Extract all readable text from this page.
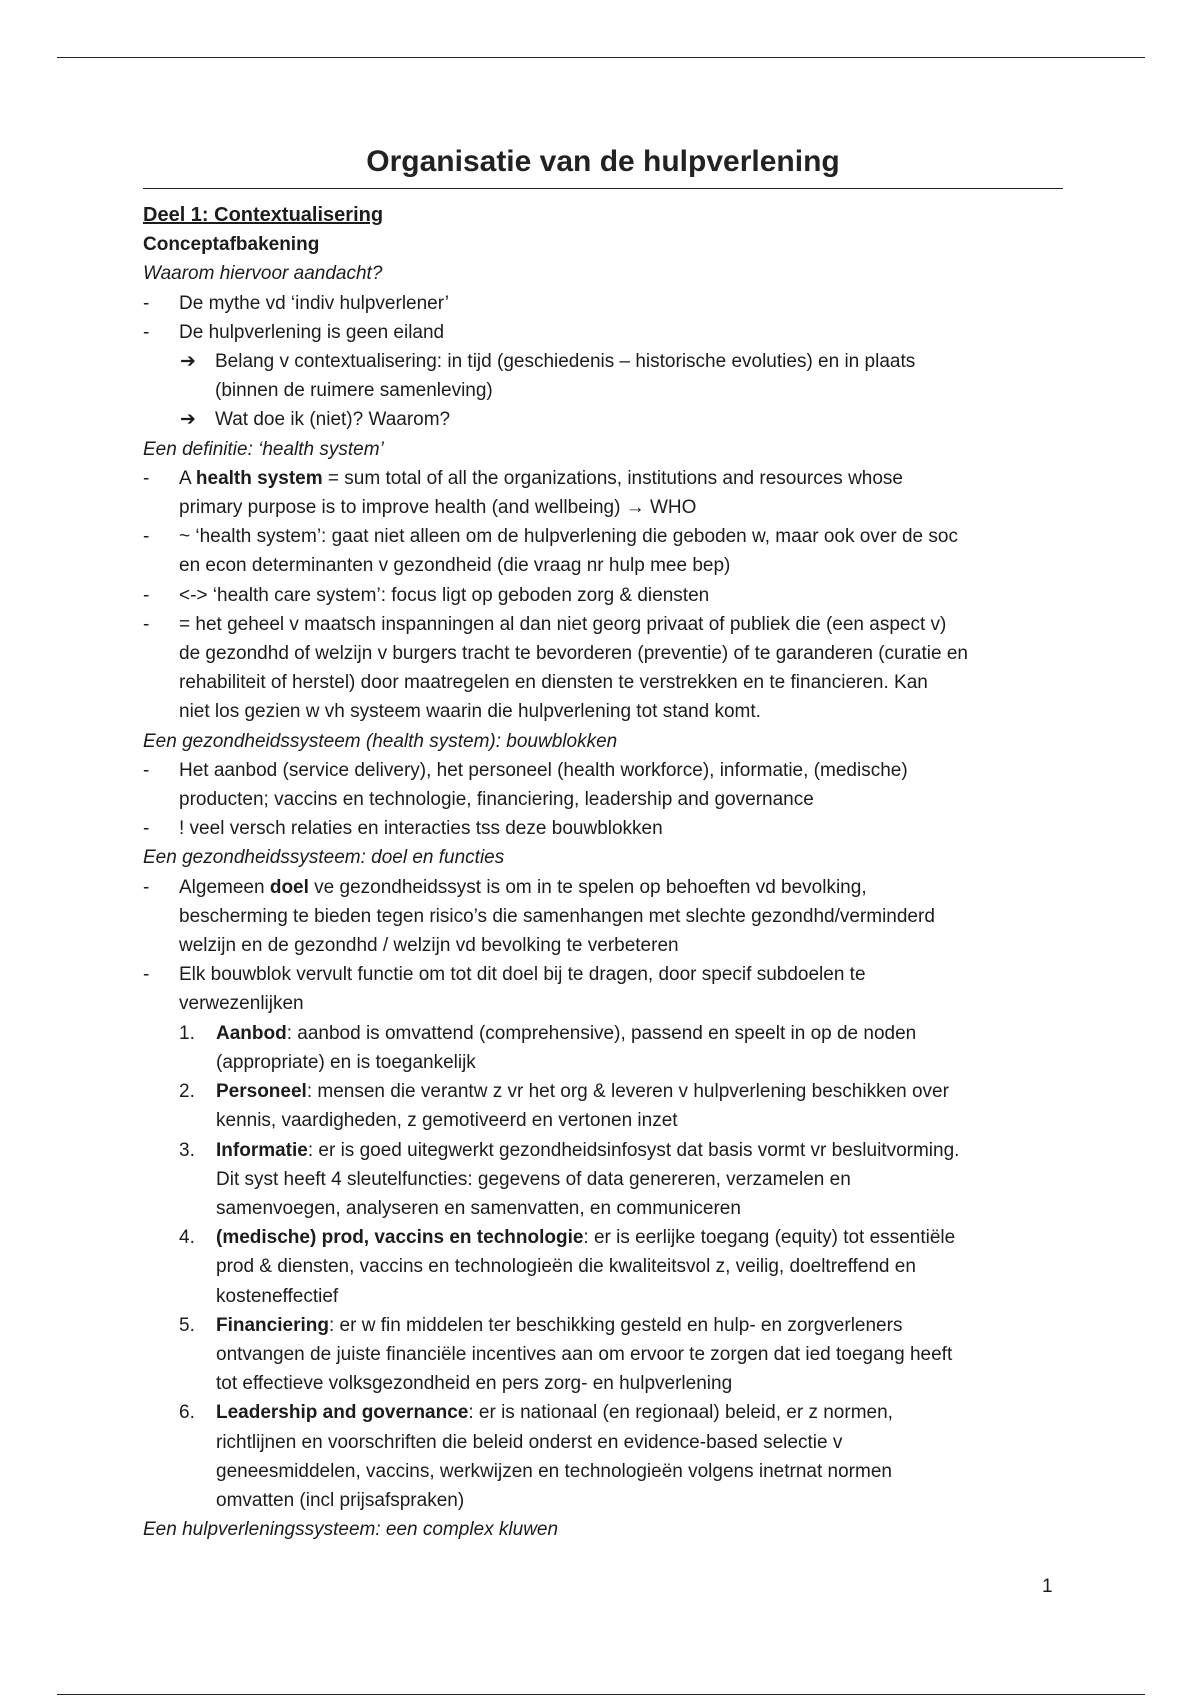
Organisatie van de hulpverlening
Deel 1: Contextualisering
Conceptafbakening
Waarom hiervoor aandacht?
- De mythe vd ‘indiv hulpverlener’
- De hulpverlening is geen eiland
➔ Belang v contextualisering: in tijd (geschiedenis – historische evoluties) en in plaats
(binnen de ruimere samenleving)
➔ Wat doe ik (niet)? Waarom?
Een definitie: ‘health system’
- A health system = sum total of all the organizations, institutions and resources whose
primary purpose is to improve health (and wellbeing) → WHO
- ~ ‘health system’: gaat niet alleen om de hulpverlening die geboden w, maar ook over de soc
en econ determinanten v gezondheid (die vraag nr hulp mee bep)
- <-> ‘health care system’: focus ligt op geboden zorg & diensten
- = het geheel v maatsch inspanningen al dan niet georg privaat of publiek die (een aspect v)
de gezondhd of welzijn v burgers tracht te bevorderen (preventie) of te garanderen (curatie en
rehabiliteit of herstel) door maatregelen en diensten te verstrekken en te financieren. Kan
niet los gezien w vh systeem waarin die hulpverlening tot stand komt.
Een gezondheidssysteem (health system): bouwblokken
- Het aanbod (service delivery), het personeel (health workforce), informatie, (medische)
producten; vaccins en technologie, financiering, leadership and governance
- ! veel versch relaties en interacties tss deze bouwblokken
Een gezondheidssysteem: doel en functies
- Algemeen doel ve gezondheidssyst is om in te spelen op behoeften vd bevolking,
bescherming te bieden tegen risico’s die samenhangen met slechte gezondhd/verminderd
welzijn en de gezondhd / welzijn vd bevolking te verbeteren
- Elk bouwblok vervult functie om tot dit doel bij te dragen, door specif subdoelen te
verwezenlijken
1. Aanbod: aanbod is omvattend (comprehensive), passend en speelt in op de noden
(appropriate) en is toegankelijk
2. Personeel: mensen die verantw z vr het org & leveren v hulpverlening beschikken over
kennis, vaardigheden, z gemotiveerd en vertonen inzet
3. Informatie: er is goed uitegwerkt gezondheidsinfosyst dat basis vormt vr besluitvorming.
Dit syst heeft 4 sleutelfuncties: gegevens of data genereren, verzamelen en
samenvoegen, analyseren en samenvatten, en communiceren
4. (medische) prod, vaccins en technologie: er is eerlijke toegang (equity) tot essentiële
prod & diensten, vaccins en technologieën die kwaliteitsvol z, veilig, doeltreffend en
kosteneffectief
5. Financiering: er w fin middelen ter beschikking gesteld en hulp- en zorgverleners
ontvangen de juiste financiële incentives aan om ervoor te zorgen dat ied toegang heeft
tot effectieve volksgezondheid en pers zorg- en hulpverlening
6. Leadership and governance: er is nationaal (en regionaal) beleid, er z normen,
richtlijnen en voorschriften die beleid onderst en evidence-based selectie v
geneesmiddelen, vaccins, werkwijzen en technologieën volgens inetrnat normen
omvatten (incl prijsafspraken)
Een hulpverleningssysteem: een complex kluwen
1
